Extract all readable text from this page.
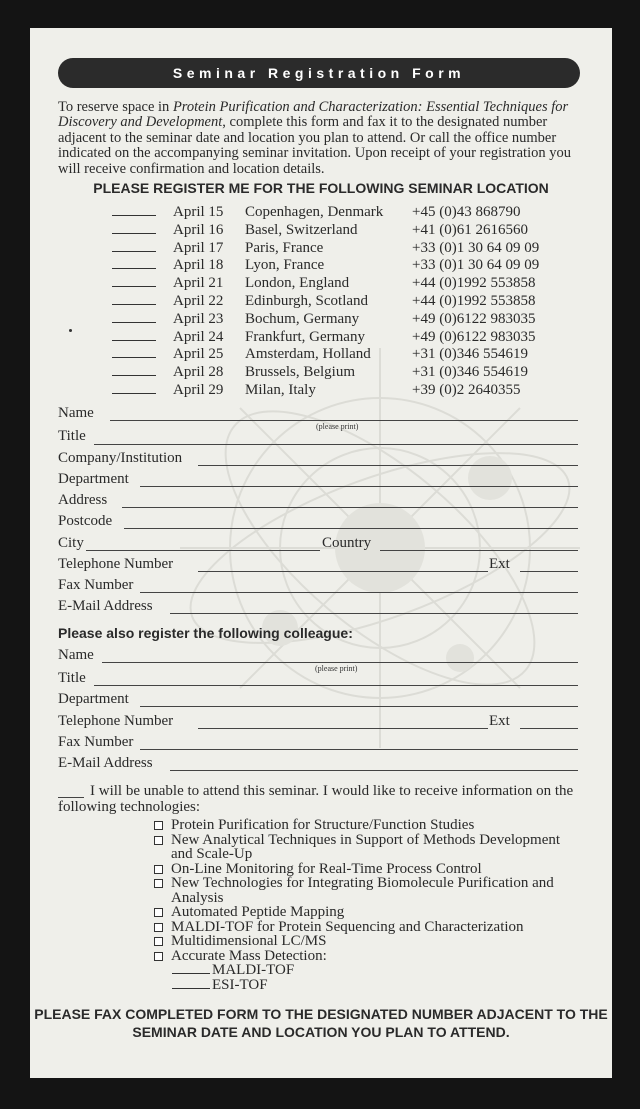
Seminar Registration Form
To reserve space in Protein Purification and Characterization: Essential Techniques for Discovery and Development, complete this form and fax it to the designated number adjacent to the seminar date and location you plan to attend. Or call the office number indicated on the accompanying seminar invitation. Upon receipt of your registration you will receive confirmation and location details.
PLEASE REGISTER ME FOR THE FOLLOWING SEMINAR LOCATION
April 15 Copenhagen, Denmark +45 (0)43 868790
April 16 Basel, Switzerland	+41 (0)61 2616560
April 17 Paris, France	+33 (0)1 30 64 09 09
April 18 Lyon, France	+33 (0)1 30 64 09 09
April 21 London, England	+44 (0)1992 553858
April 22 Edinburgh, Scotland	+44 (0)1992 553858
April 23 Bochum, Germany	+49 (0)6122 983035
April 24 Frankfurt, Germany	+49 (0)6122 983035
April 25 Amsterdam, Holland	+31 (0)346 554619
April 28 Brussels, Belgium	+31 (0)346 554619
April 29 Milan, Italy	+39 (0)2 2640355
Name
(please print)
Title
Company/Institution
Department
Address
Postcode
City	Country
Telephone Number	Ext
Fax Number
E-Mail Address
Please also register the following colleague:
Name
(please print)
Title
Department
Telephone Number	Ext
Fax Number
E-Mail Address
I will be unable to attend this seminar. I would like to receive information on the following technologies:
Protein Purification for Structure/Function Studies
New Analytical Techniques in Support of Methods Development and Scale-Up
On-Line Monitoring for Real-Time Process Control
New Technologies for Integrating Biomolecule Purification and Analysis
Automated Peptide Mapping
MALDI-TOF for Protein Sequencing and Characterization
Multidimensional LC/MS
Accurate Mass Detection:
MALDI-TOF
ESI-TOF
PLEASE FAX COMPLETED FORM TO THE DESIGNATED NUMBER ADJACENT TO THE SEMINAR DATE AND LOCATION YOU PLAN TO ATTEND.
